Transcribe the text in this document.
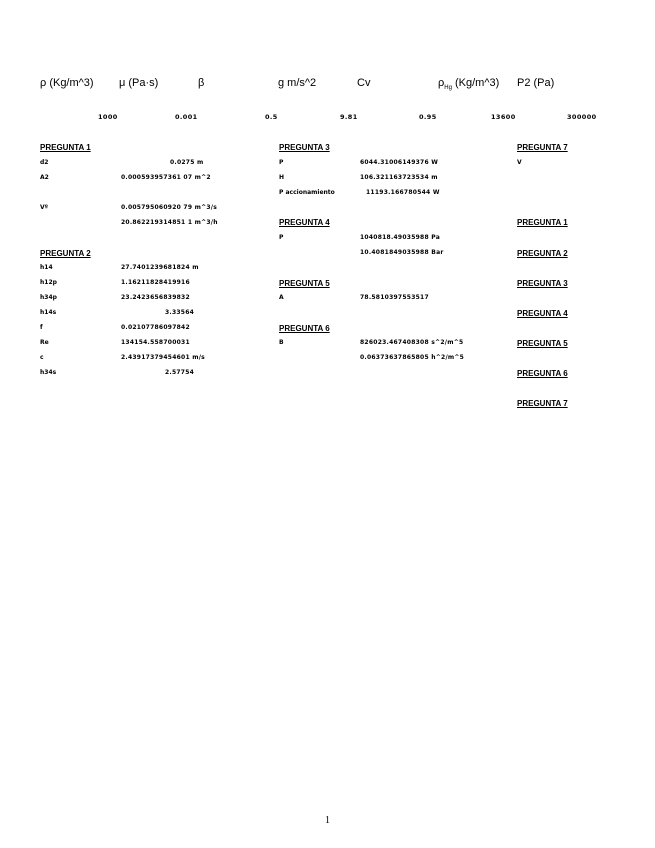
ρ (Kg/m^3) μ (Pa·s)	β	g m/s^2	Cv	$\rho_{Hg}$ (Kg/m^3) P2 (Pa)
1000	0.001	0.5	9.81	0.95	13600	300000
PREGUNTA 1
d2	0.0275 m
A2	0.000593957361 07 m^2
Vº	0.005795060920 79 m^3/s
20.862219314851 1 m^3/h
PREGUNTA 2
h14	27.7401239681824 m
h12p	1.16211828419916
h34p	23.2423656839832
h14s	3.33564
f	0.02107786097842
Re	134154.558700031
c	2.43917379454601 m/s
h34s	2.57754
PREGUNTA 3
P	6044.31006149376 W
H	106.321163723534 m
P accionamiento	11193.166780544 W
PREGUNTA 4
P	1040818.49035988 Pa
10.4081849035988 Bar
PREGUNTA 5
A	78.5810397553517
PREGUNTA 6
B	826023.467408308 s^2/m^5
0.06373637865805 h^2/m^5
PREGUNTA 7
V
PREGUNTA 1
PREGUNTA 2
PREGUNTA 3
PREGUNTA 4
PREGUNTA 5
PREGUNTA 6
PREGUNTA 7
1
